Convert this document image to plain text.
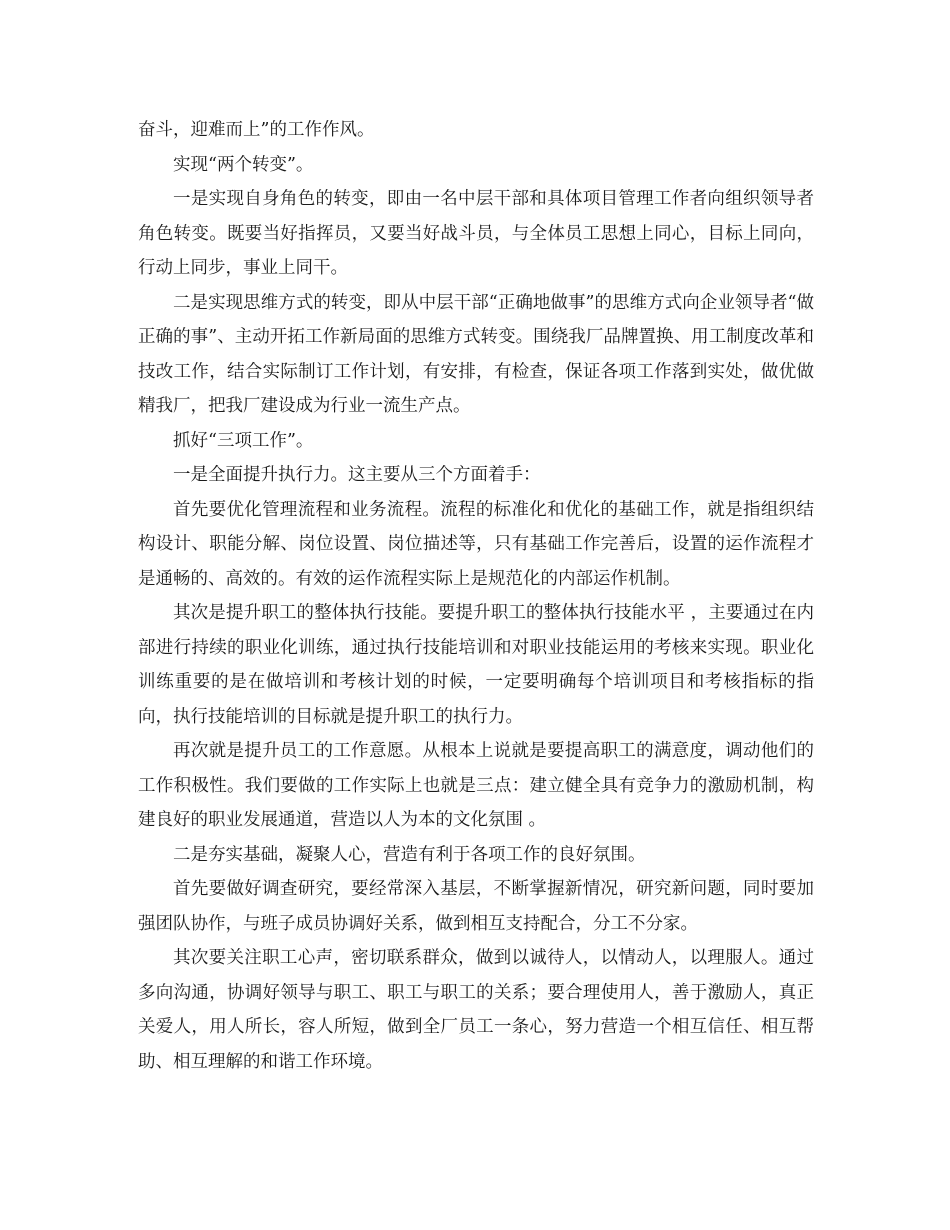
奋斗，迎难而上”的工作作风。

实现“两个转变”。

一是实现自身角色的转变，即由一名中层干部和具体项目管理工作者向组织领导者角色转变。既要当好指挥员，又要当好战斗员，与全体员工思想上同心，目标上同向，行动上同步，事业上同干。

二是实现思维方式的转变，即从中层干部“正确地做事”的思维方式向企业领导者“做正确的事”、主动开拓工作新局面的思维方式转变。围绕我厂品牌置换、用工制度改革和技改工作，结合实际制订工作计划，有安排，有检查，保证各项工作落到实处，做优做精我厂，把我厂建设成为行业一流生产点。

抓好“三项工作”。

一是全面提升执行力。这主要从三个方面着手：

首先要优化管理流程和业务流程。流程的标准化和优化的基础工作，就是指组织结构设计、职能分解、岗位设置、岗位描述等，只有基础工作完善后，设置的运作流程才是通畅的、高效的。有效的运作流程实际上是规范化的内部运作机制。

其次是提升职工的整体执行技能。要提升职工的整体执行技能水平 ，主要通过在内部进行持续的职业化训练，通过执行技能培训和对职业技能运用的考核来实现。职业化训练重要的是在做培训和考核计划的时候，一定要明确每个培训项目和考核指标的指向，执行技能培训的目标就是提升职工的执行力。

再次就是提升员工的工作意愿。从根本上说就是要提高职工的满意度，调动他们的工作积极性。我们要做的工作实际上也就是三点：建立健全具有竞争力的激励机制，构建良好的职业发展通道，营造以人为本的文化氛围 。

二是夯实基础，凝聚人心，营造有利于各项工作的良好氛围。

首先要做好调查研究，要经常深入基层，不断掌握新情况，研究新问题，同时要加强团队协作，与班子成员协调好关系，做到相互支持配合，分工不分家。

其次要关注职工心声，密切联系群众，做到以诚待人，以情动人，以理服人。通过多向沟通，协调好领导与职工、职工与职工的关系；要合理使用人，善于激励人，真正关爱人，用人所长，容人所短，做到全厂员工一条心，努力营造一个相互信任、相互帮助、相互理解的和谐工作环境。
